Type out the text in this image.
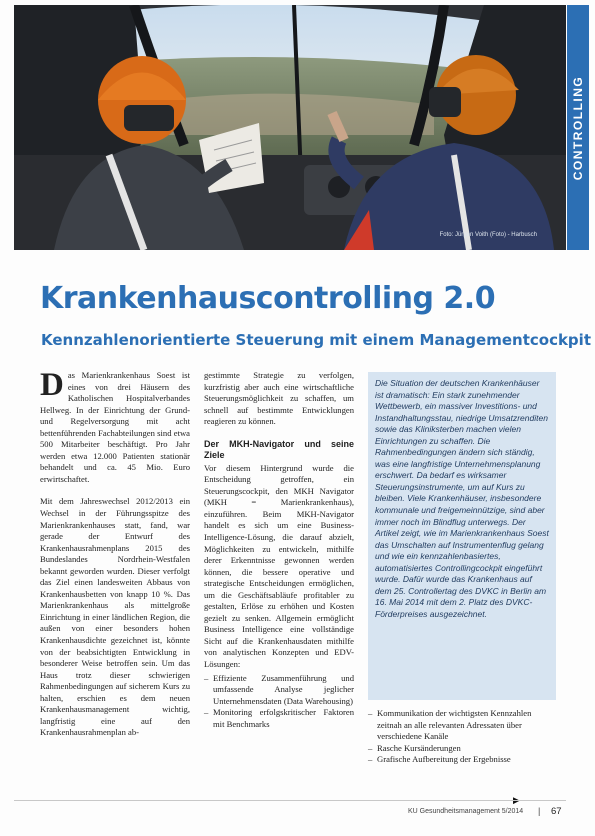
Foto: Jürgen Voith (Foto) - Harbusch
CONTROLLING
Krankenhauscontrolling 2.0
Kennzahlenorientierte Steuerung mit einem Managementcockpit

Das Marienkrankenhaus Soest ist eines von drei Häusern des Katholischen Hospitalverbandes Hellweg. In der Einrichtung der Grund- und Regelversorgung mit acht bettenführenden Fachabteilungen sind etwa 500 Mitarbeiter beschäftigt. Pro Jahr werden etwa 12.000 Patienten stationär behandelt und ca. 45 Mio. Euro erwirtschaftet.

Mit dem Jahreswechsel 2012/2013 ein Wechsel in der Führungsspitze des Marienkrankenhauses statt, fand, war gerade der Entwurf des Krankenhausrahmenplans 2015 des Bundeslandes Nordrhein-Westfalen bekannt geworden wurden. Dieser verfolgt das Ziel einen landesweiten Abbaus von Krankenhausbetten von knapp 10 %. Das Marienkrankenhaus als mittelgroße Einrichtung in einer ländlichen Region, die außen von einer besonders hohen Krankenhausdichte gezeichnet ist, könnte von der beabsichtigten Entwicklung in besonderer Weise betroffen sein. Um das Haus trotz dieser schwierigen Rahmenbedingungen auf sicherem Kurs zu halten, erschien es dem neuen Krankenhausmanagement wichtig, langfristig eine auf den Krankenhausrahmenplan ab-

gestimmte Strategie zu verfolgen, kurzfristig aber auch eine wirtschaftliche Steuerungsmöglichkeit zu schaffen, um schnell auf bestimmte Entwicklungen reagieren zu können.

Der MKH-Navigator und seine Ziele

Vor diesem Hintergrund wurde die Entscheidung getroffen, ein Steuerungscockpit, den MKH Navigator (MKH = Marienkrankenhaus), einzuführen. Beim MKH-Navigator handelt es sich um eine Business-Intelligence-Lösung, die darauf abzielt, Möglichkeiten zu entwickeln, mithilfe derer Erkenntnisse gewonnen werden können, die bessere operative und strategische Entscheidungen ermöglichen, um die Geschäftsabläufe profitabler zu gestalten, Erlöse zu erhöhen und Kosten gezielt zu senken. Allgemein ermöglicht Business Intelligence eine vollständige Sicht auf die Krankenhausdaten mithilfe von analytischen Konzepten und EDV-Lösungen:

– Effiziente Zusammenführung und umfassende Analyse jeglicher Unternehmensdaten (Data Warehousing)
– Monitoring erfolgskritischer Faktoren mit Benchmarks

Die Situation der deutschen Krankenhäuser ist dramatisch: Ein stark zunehmender Wettbewerb, ein massiver Investitions- und Instandhaltungsstau, niedrige Umsatzrenditen sowie das Kliniksterben machen vielen Einrichtungen zu schaffen. Die Rahmenbedingungen ändern sich ständig, was eine langfristige Unternehmensplanung erschwert. Da bedarf es wirksamer Steuerungsinstrumente, um auf Kurs zu bleiben. Viele Krankenhäuser, insbesondere kommunale und freigemeinnützige, sind aber immer noch im Blindflug unterwegs. Der Artikel zeigt, wie im Marienkrankenhaus Soest das Umschalten auf Instrumentenflug gelang und wie ein kennzahlenbasiertes, automatisiertes Controllingcockpit eingeführt wurde. Dafür wurde das Krankenhaus auf dem 25. Controllertag des DVKC in Berlin am 16. Mai 2014 mit dem 2. Platz des DVKC-Förderpreises ausgezeichnet.

– Kommunikation der wichtigsten Kennzahlen zeitnah an alle relevanten Adressaten über verschiedene Kanäle
– Rasche Kursänderungen
– Grafische Aufbereitung der Ergebnisse
▶
KU Gesundheitsmanagement 5/2014 | 67
